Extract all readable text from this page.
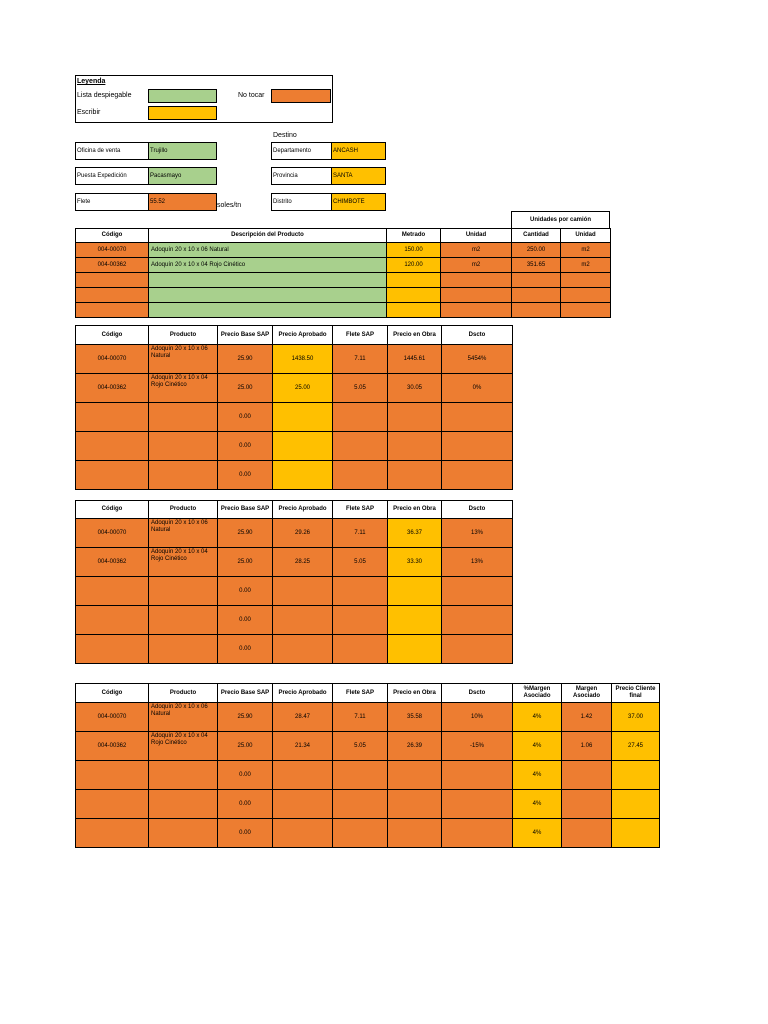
Leyenda
Lista despiegable
Escribir
No tocar
Destino
Oficina de venta	Trujillo	Departamento	ANCASH
Puesta Expedición	Pacasmayo	Provincia	SANTA
Flete	55.52	soles/tn	Distrito	CHIMBOTE
Unidades por camión
Código	Descripción del Producto	Metrado	Unidad	Cantidad	Unidad
004-00070	Adoquín 20 x 10 x 06 Natural	150.00	m2	250.00	m2
004-00362	Adoquín 20 x 10 x 04 Rojo Cinético	120.00	m2	351.65	m2

Código	Producto	Precio Base SAP	Precio Aprobado	Flete SAP	Precio en Obra	Dscto
004-00070	Adoquín 20 x 10 x 06 Natural	25.90	1438.50	7.11	1445.61	5454%
004-00362	Adoquín 20 x 10 x 04 Rojo Cinético	25.00	25.00	5.05	30.05	0%
		0.00				
		0.00				
		0.00				
Código	Producto	Precio Base SAP	Precio Aprobado	Flete SAP	Precio en Obra	Dscto
004-00070	Adoquín 20 x 10 x 06 Natural	25.90	29.26	7.11	36.37	13%
004-00362	Adoquín 20 x 10 x 04 Rojo Cinético	25.00	28.25	5.05	33.30	13%
		0.00				
		0.00				
		0.00				
Código	Producto	Precio Base SAP	Precio Aprobado	Flete SAP	Precio en Obra	Dscto	%Margen Asociado	Margen Asociado	Precio Cliente final
004-00070	Adoquín 20 x 10 x 06 Natural	25.90	28.47	7.11	35.58	10%	4%	1.42	37.00
004-00362	Adoquín 20 x 10 x 04 Rojo Cinético	25.00	21.34	5.05	26.39	-15%	4%	1.06	27.45
		0.00					4%		
		0.00					4%		
		0.00					4%		
